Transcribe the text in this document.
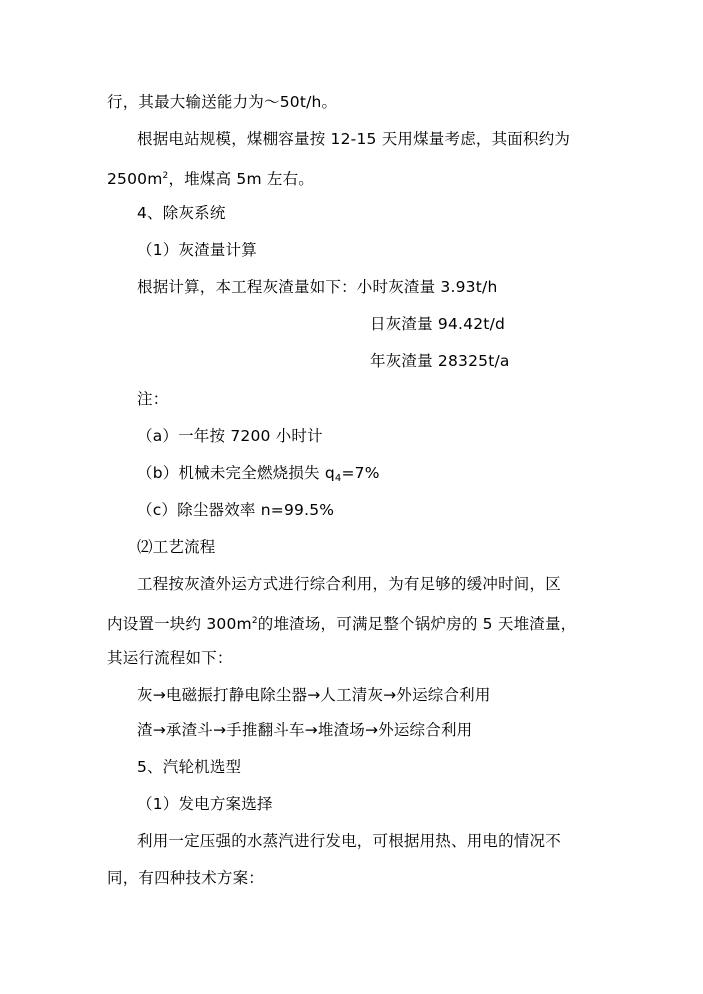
行，其最大输送能力为～50t/h。
根据电站规模，煤棚容量按 12-15 天用煤量考虑，其面积约为
$2500m^2$，堆煤高 5m 左右。
4、除灰系统
（1）灰渣量计算
根据计算，本工程灰渣量如下：小时灰渣量 3.93t/h
日灰渣量 94.42t/d
年灰渣量 28325t/a
注：
（a）一年按 7200 小时计
（b）机械未完全燃烧损失 $q_4=7\%$
（c）除尘器效率 n=99.5%
⑵工艺流程
工程按灰渣外运方式进行综合利用，为有足够的缓冲时间，区
内设置一块约 $300m^2$的堆渣场，可满足整个锅炉房的 5 天堆渣量，
其运行流程如下：
灰→电磁振打静电除尘器→人工清灰→外运综合利用
渣→承渣斗→手推翻斗车→堆渣场→外运综合利用
5、汽轮机选型
（1）发电方案选择
利用一定压强的水蒸汽进行发电，可根据用热、用电的情况不
同，有四种技术方案：
